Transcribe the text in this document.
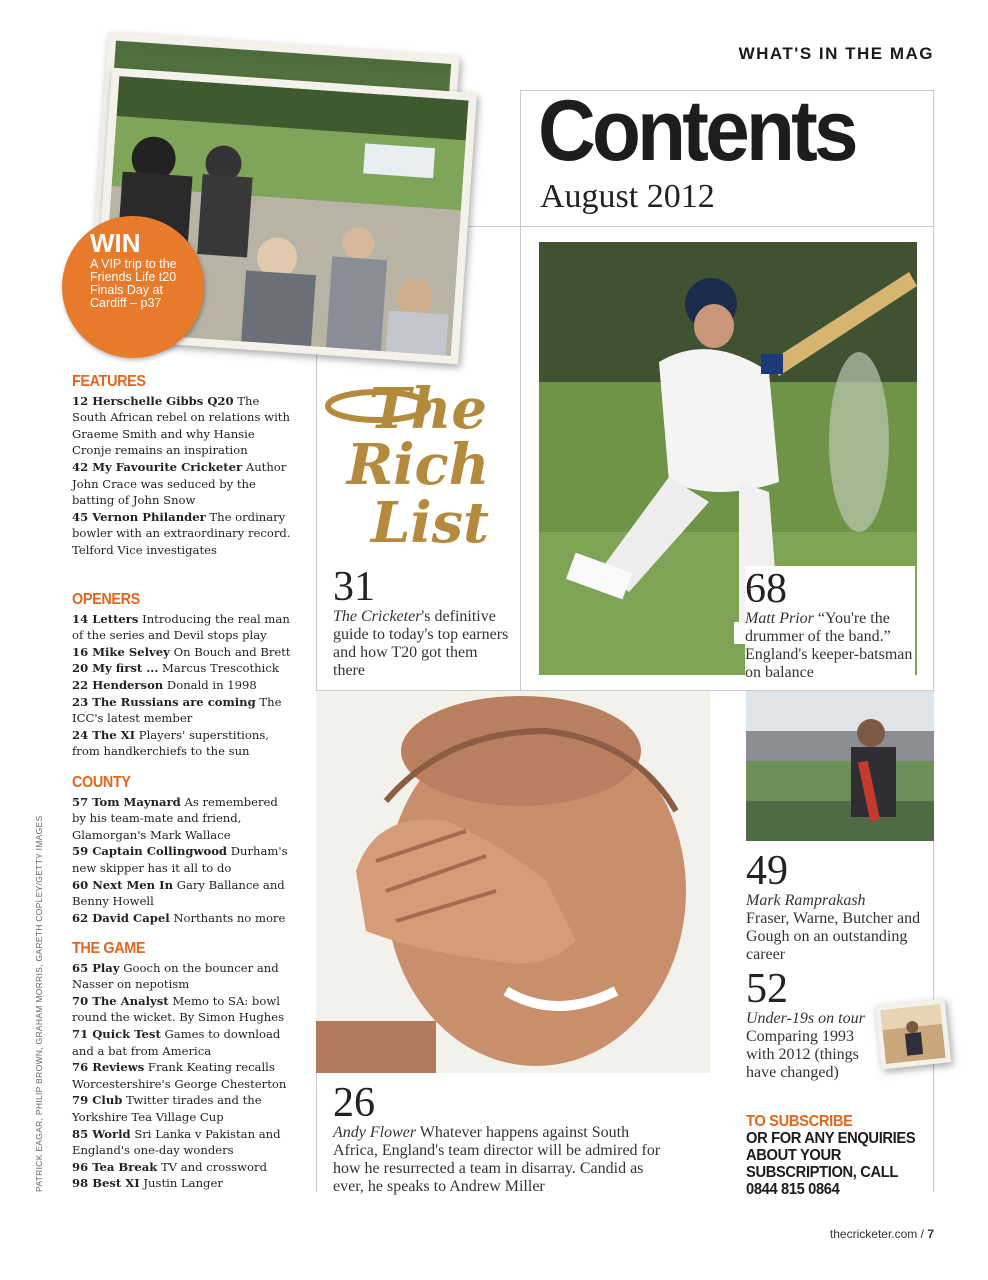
WHAT'S IN THE MAG
Contents
August 2012
WIN
A VIP trip to the Friends Life t20 Finals Day at Cardiff – p37
FEATURES
12 Herschelle Gibbs Q20 The South African rebel on relations with Graeme Smith and why Hansie Cronje remains an inspiration
42 My Favourite Cricketer Author John Crace was seduced by the batting of John Snow
45 Vernon Philander The ordinary bowler with an extraordinary record. Telford Vice investigates
OPENERS
14 Letters Introducing the real man of the series and Devil stops play
16 Mike Selvey On Bouch and Brett
20 My first ... Marcus Trescothick
22 Henderson Donald in 1998
23 The Russians are coming The ICC's latest member
24 The XI Players' superstitions, from handkerchiefs to the sun
COUNTY
57 Tom Maynard As remembered by his team-mate and friend, Glamorgan's Mark Wallace
59 Captain Collingwood Durham's new skipper has it all to do
60 Next Men In Gary Ballance and Benny Howell
62 David Capel Northants no more
THE GAME
65 Play Gooch on the bouncer and Nasser on nepotism
70 The Analyst Memo to SA: bowl round the wicket. By Simon Hughes
71 Quick Test Games to download and a bat from America
76 Reviews Frank Keating recalls Worcestershire's George Chesterton
79 Club Twitter tirades and the Yorkshire Tea Village Cup
85 World Sri Lanka v Pakistan and England's one-day wonders
96 Tea Break TV and crossword
98 Best XI Justin Langer
PATRICK EAGAR, PHILIP BROWN, GRAHAM MORRIS, GARETH COPLEY/GETTY IMAGES
The
Rich
List
31
The Cricketer's definitive guide to today's top earners and how T20 got them there
68
Matt Prior “You're the drummer of the band.” England's keeper-batsman on balance
26
Andy Flower Whatever happens against South Africa, England's team director will be admired for how he resurrected a team in disarray. Candid as ever, he speaks to Andrew Miller
49
Mark Ramprakash
Fraser, Warne, Butcher and Gough on an outstanding career
52
Under-19s on tour
Comparing 1993 with 2012 (things have changed)
TO SUBSCRIBE
OR FOR ANY ENQUIRIES ABOUT YOUR SUBSCRIPTION, CALL 0844 815 0864
thecricketer.com / 7
